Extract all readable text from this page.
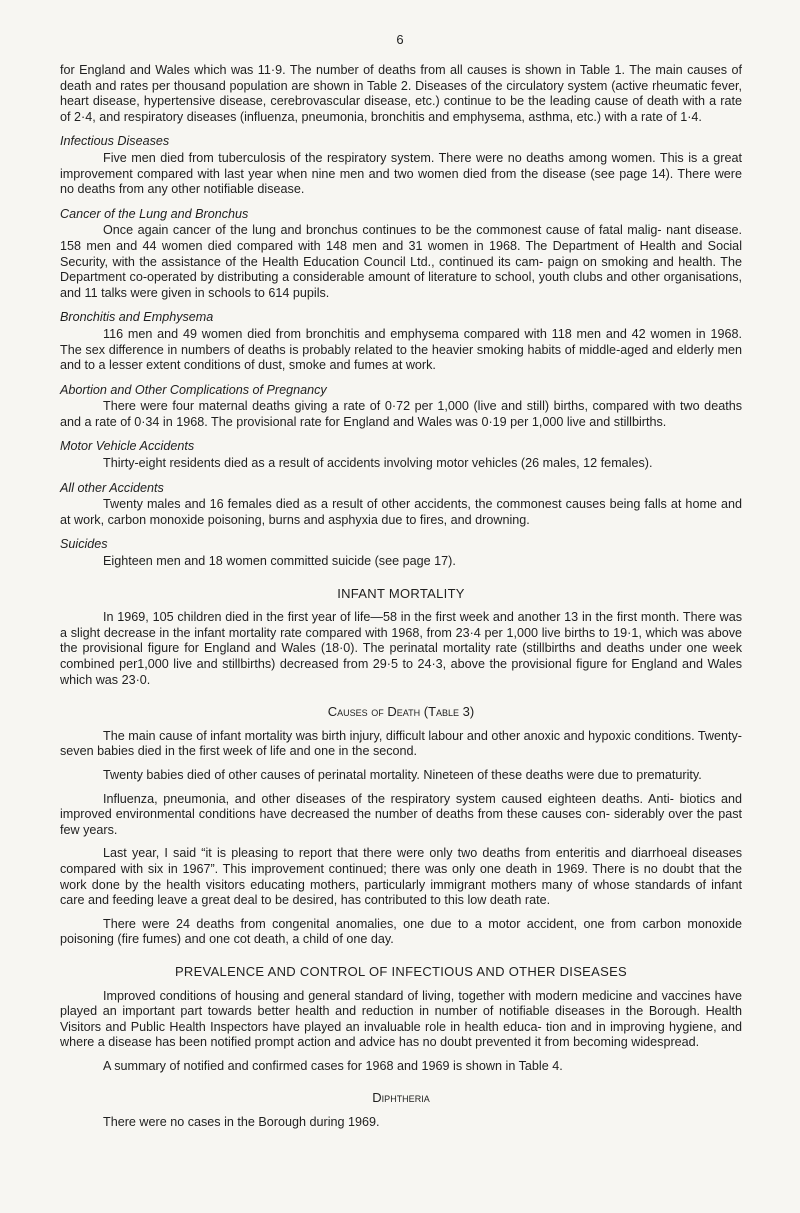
6

for England and Wales which was 11·9. The number of deaths from all causes is shown in Table 1. The main causes of death and rates per thousand population are shown in Table 2. Diseases of the circulatory system (active rheumatic fever, heart disease, hypertensive disease, cerebrovascular disease, etc.) continue to be the leading cause of death with a rate of 2·4, and respiratory diseases (influenza, pneumonia, bronchitis and emphysema, asthma, etc.) with a rate of 1·4.

Infectious Diseases

Five men died from tuberculosis of the respiratory system. There were no deaths among women. This is a great improvement compared with last year when nine men and two women died from the disease (see page 14). There were no deaths from any other notifiable disease.

Cancer of the Lung and Bronchus

Once again cancer of the lung and bronchus continues to be the commonest cause of fatal malig- nant disease. 158 men and 44 women died compared with 148 men and 31 women in 1968. The Department of Health and Social Security, with the assistance of the Health Education Council Ltd., continued its cam- paign on smoking and health. The Department co-operated by distributing a considerable amount of literature to school, youth clubs and other organisations, and 11 talks were given in schools to 614 pupils.

Bronchitis and Emphysema

116 men and 49 women died from bronchitis and emphysema compared with 118 men and 42 women in 1968. The sex difference in numbers of deaths is probably related to the heavier smoking habits of middle-aged and elderly men and to a lesser extent conditions of dust, smoke and fumes at work.

Abortion and Other Complications of Pregnancy

There were four maternal deaths giving a rate of 0·72 per 1,000 (live and still) births, compared with two deaths and a rate of 0·34 in 1968. The provisional rate for England and Wales was 0·19 per 1,000 live and stillbirths.

Motor Vehicle Accidents

Thirty-eight residents died as a result of accidents involving motor vehicles (26 males, 12 females).

All other Accidents

Twenty males and 16 females died as a result of other accidents, the commonest causes being falls at home and at work, carbon monoxide poisoning, burns and asphyxia due to fires, and drowning.

Suicides

Eighteen men and 18 women committed suicide (see page 17).

INFANT MORTALITY

In 1969, 105 children died in the first year of life—58 in the first week and another 13 in the first month. There was a slight decrease in the infant mortality rate compared with 1968, from 23·4 per 1,000 live births to 19·1, which was above the provisional figure for England and Wales (18·0). The perinatal mortality rate (stillbirths and deaths under one week combined per1,000 live and stillbirths) decreased from 29·5 to 24·3, above the provisional figure for England and Wales which was 23·0.

Causes of Death (Table 3)

The main cause of infant mortality was birth injury, difficult labour and other anoxic and hypoxic conditions. Twenty-seven babies died in the first week of life and one in the second.

Twenty babies died of other causes of perinatal mortality. Nineteen of these deaths were due to prematurity.

Influenza, pneumonia, and other diseases of the respiratory system caused eighteen deaths. Anti- biotics and improved environmental conditions have decreased the number of deaths from these causes con- siderably over the past few years.

Last year, I said “it is pleasing to report that there were only two deaths from enteritis and diarrhoeal diseases compared with six in 1967”. This improvement continued; there was only one death in 1969. There is no doubt that the work done by the health visitors educating mothers, particularly immigrant mothers many of whose standards of infant care and feeding leave a great deal to be desired, has contributed to this low death rate.

There were 24 deaths from congenital anomalies, one due to a motor accident, one from carbon monoxide poisoning (fire fumes) and one cot death, a child of one day.

PREVALENCE AND CONTROL OF INFECTIOUS AND OTHER DISEASES

Improved conditions of housing and general standard of living, together with modern medicine and vaccines have played an important part towards better health and reduction in number of notifiable diseases in the Borough. Health Visitors and Public Health Inspectors have played an invaluable role in health educa- tion and in improving hygiene, and where a disease has been notified prompt action and advice has no doubt prevented it from becoming widespread.

A summary of notified and confirmed cases for 1968 and 1969 is shown in Table 4.

Diphtheria

There were no cases in the Borough during 1969.
